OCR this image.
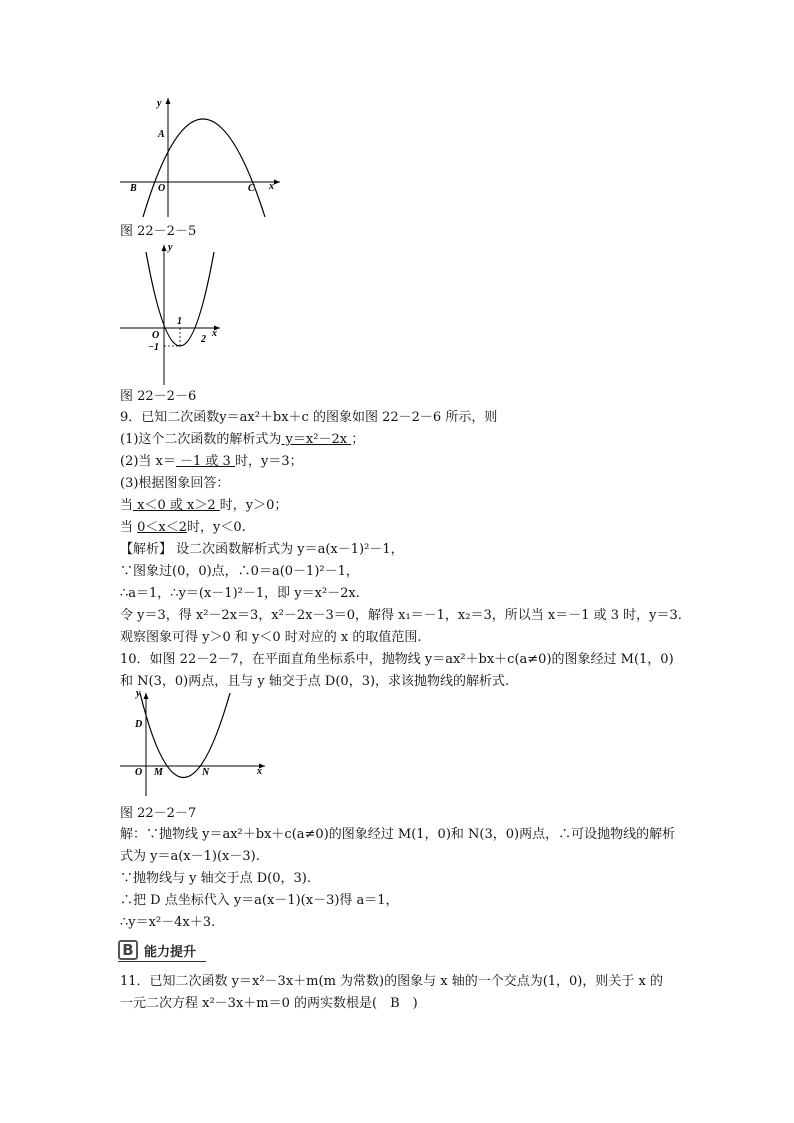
y
x
A
B O	C
图 22－2－5
y
x
O
1
2
−1
图 22－2－6
9．已知二次函数y＝ax²＋bx＋c 的图象如图 22－2－6 所示，则
(1)这个二次函数的解析式为 y＝x²－2x ；
(2)当 x＝ －1 或 3 时，y＝3；
(3)根据图象回答：
当 x＜0 或 x＞2 时，y＞0；
当 0＜x＜2时，y＜0.
【解析】 设二次函数解析式为 y＝a(x－1)²－1，
∵图象过(0，0)点，∴0＝a(0－1)²－1，
∴a＝1，∴y＝(x－1)²－1，即 y＝x²－2x.
令 y＝3，得 x²－2x＝3，x²－2x－3＝0，解得 x₁＝－1，x₂＝3，所以当 x＝－1 或 3 时，y＝3.
观察图象可得 y＞0 和 y＜0 时对应的 x 的取值范围.
10．如图 22－2－7，在平面直角坐标系中，抛物线 y＝ax²＋bx＋c(a≠0)的图象经过 M(1，0)
和 N(3，0)两点，且与 y 轴交于点 D(0，3)，求该抛物线的解析式.
y
x
D
O M	N
图 22－2－7
解：∵抛物线 y＝ax²＋bx＋c(a≠0)的图象经过 M(1，0)和 N(3，0)两点，∴可设抛物线的解析
式为 y＝a(x－1)(x－3).
∵抛物线与 y 轴交于点 D(0，3).
∴把 D 点坐标代入 y＝a(x－1)(x－3)得 a＝1，
∴y＝x²－4x＋3.
B 能力提升
11．已知二次函数 y＝x²－3x＋m(m 为常数)的图象与 x 轴的一个交点为(1，0)，则关于 x 的
一元二次方程 x²－3x＋m＝0 的两实数根是(　B　)
